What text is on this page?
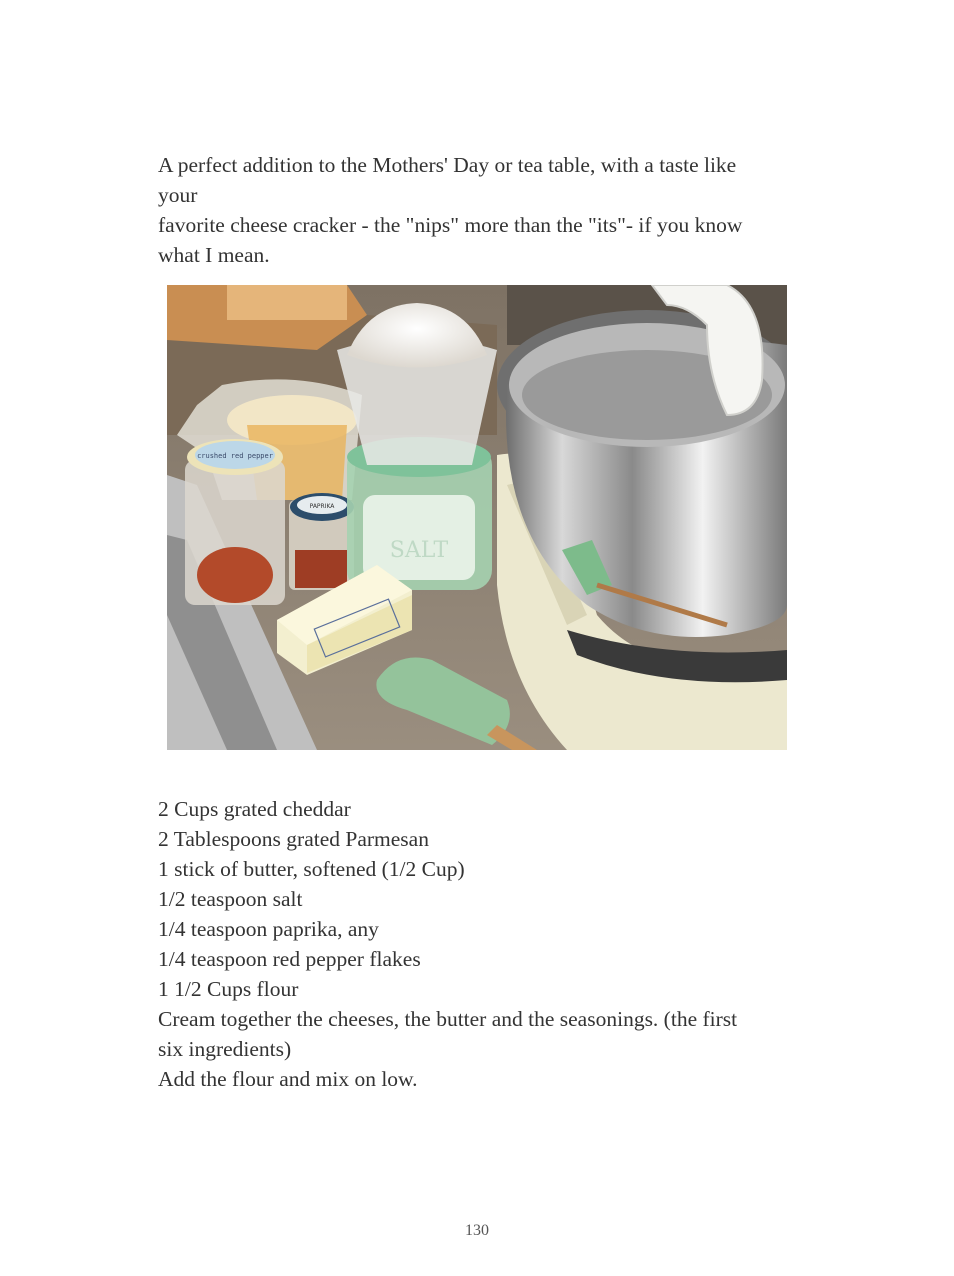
A perfect addition to the Mothers' Day or tea table, with a taste like
your
favorite cheese cracker - the "nips" more than the "its"- if you know
what I mean.
crushed red pepper
PAPRIKA
SALT
2 Cups grated cheddar
2 Tablespoons grated Parmesan
1 stick of butter, softened (1/2 Cup)
1/2 teaspoon salt
1/4 teaspoon paprika, any
1/4 teaspoon red pepper flakes
1 1/2 Cups flour
Cream together the cheeses, the butter and the seasonings. (the first
six ingredients)
Add the flour and mix on low.
130
